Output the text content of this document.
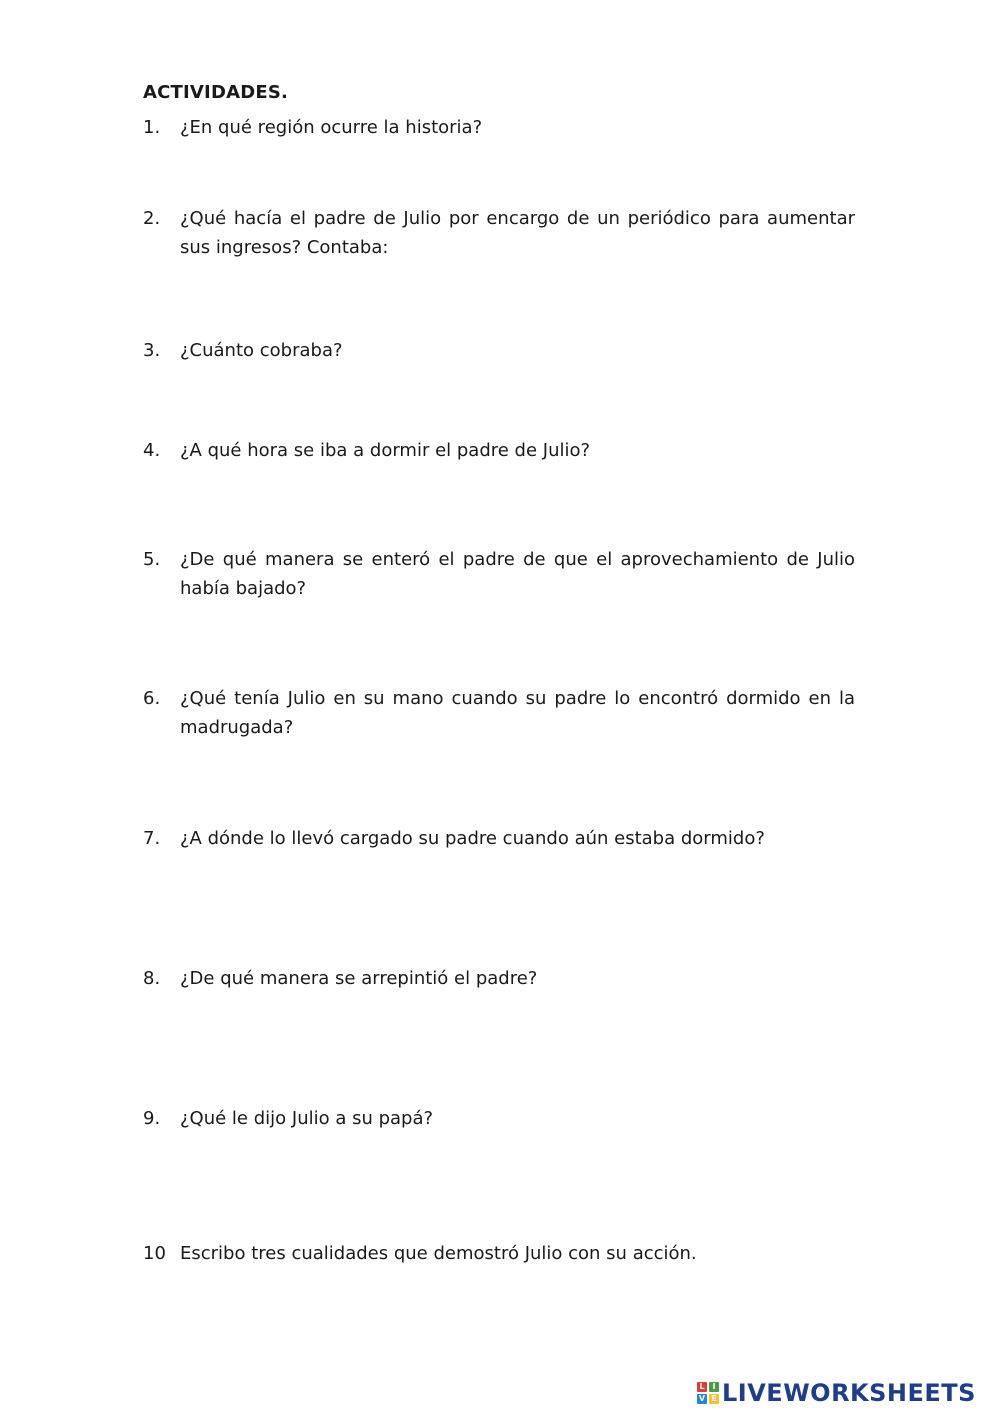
ACTIVIDADES.
1. ¿En qué región ocurre la historia?
2. ¿Qué hacía el padre de Julio por encargo de un periódico para aumentar sus ingresos? Contaba:
3. ¿Cuánto cobraba?
4. ¿A qué hora se iba a dormir el padre de Julio?
5. ¿De qué manera se enteró el padre de que el aprovechamiento de Julio había bajado?
6. ¿Qué tenía Julio en su mano cuando su padre lo encontró dormido en la madrugada?
7. ¿A dónde lo llevó cargado su padre cuando aún estaba dormido?
8. ¿De qué manera se arrepintió el padre?
9. ¿Qué le dijo Julio a su papá?
10 Escribo tres cualidades que demostró Julio con su acción.
L I
V E LIVEWORKSHEETS
